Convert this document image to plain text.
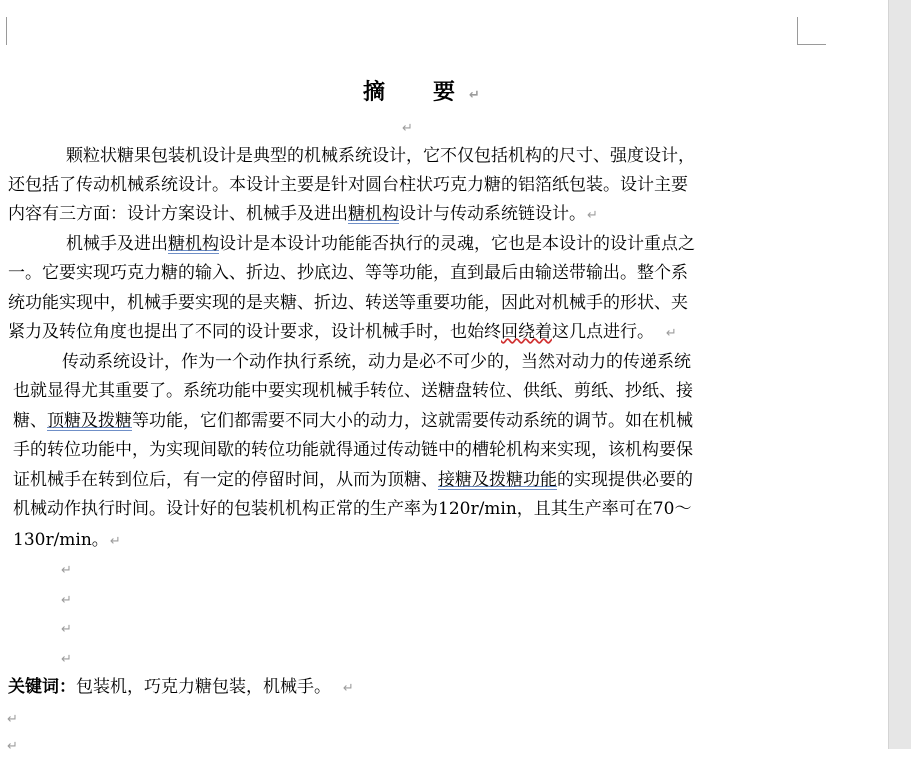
摘　要↵
↵
颗粒状糖果包装机设计是典型的机械系统设计，它不仅包括机构的尺寸、强度设计，
还包括了传动机械系统设计。本设计主要是针对圆台柱状巧克力糖的铝箔纸包装。设计主要
内容有三方面：设计方案设计、机械手及进出糖机构设计与传动系统链设计。↵
机械手及进出糖机构设计是本设计功能能否执行的灵魂，它也是本设计的设计重点之
一。它要实现巧克力糖的输入、折边、抄底边、等等功能，直到最后由输送带输出。整个系
统功能实现中，机械手要实现的是夹糖、折边、转送等重要功能，因此对机械手的形状、夹
紧力及转位角度也提出了不同的设计要求，设计机械手时，也始终回绕着这几点进行。 ↵
传动系统设计，作为一个动作执行系统，动力是必不可少的，当然对动力的传递系统
也就显得尤其重要了。系统功能中要实现机械手转位、送糖盘转位、供纸、剪纸、抄纸、接
糖、顶糖及拨糖等功能，它们都需要不同大小的动力，这就需要传动系统的调节。如在机械
手的转位功能中，为实现间歇的转位功能就得通过传动链中的槽轮机构来实现，该机构要保
证机械手在转到位后，有一定的停留时间，从而为顶糖、接糖及拨糖功能的实现提供必要的
机械动作执行时间。设计好的包装机机构正常的生产率为120r/min，且其生产率可在70～
130r/min。↵
↵
↵
↵
↵
关键词：包装机，巧克力糖包装，机械手。 ↵
↵
↵
